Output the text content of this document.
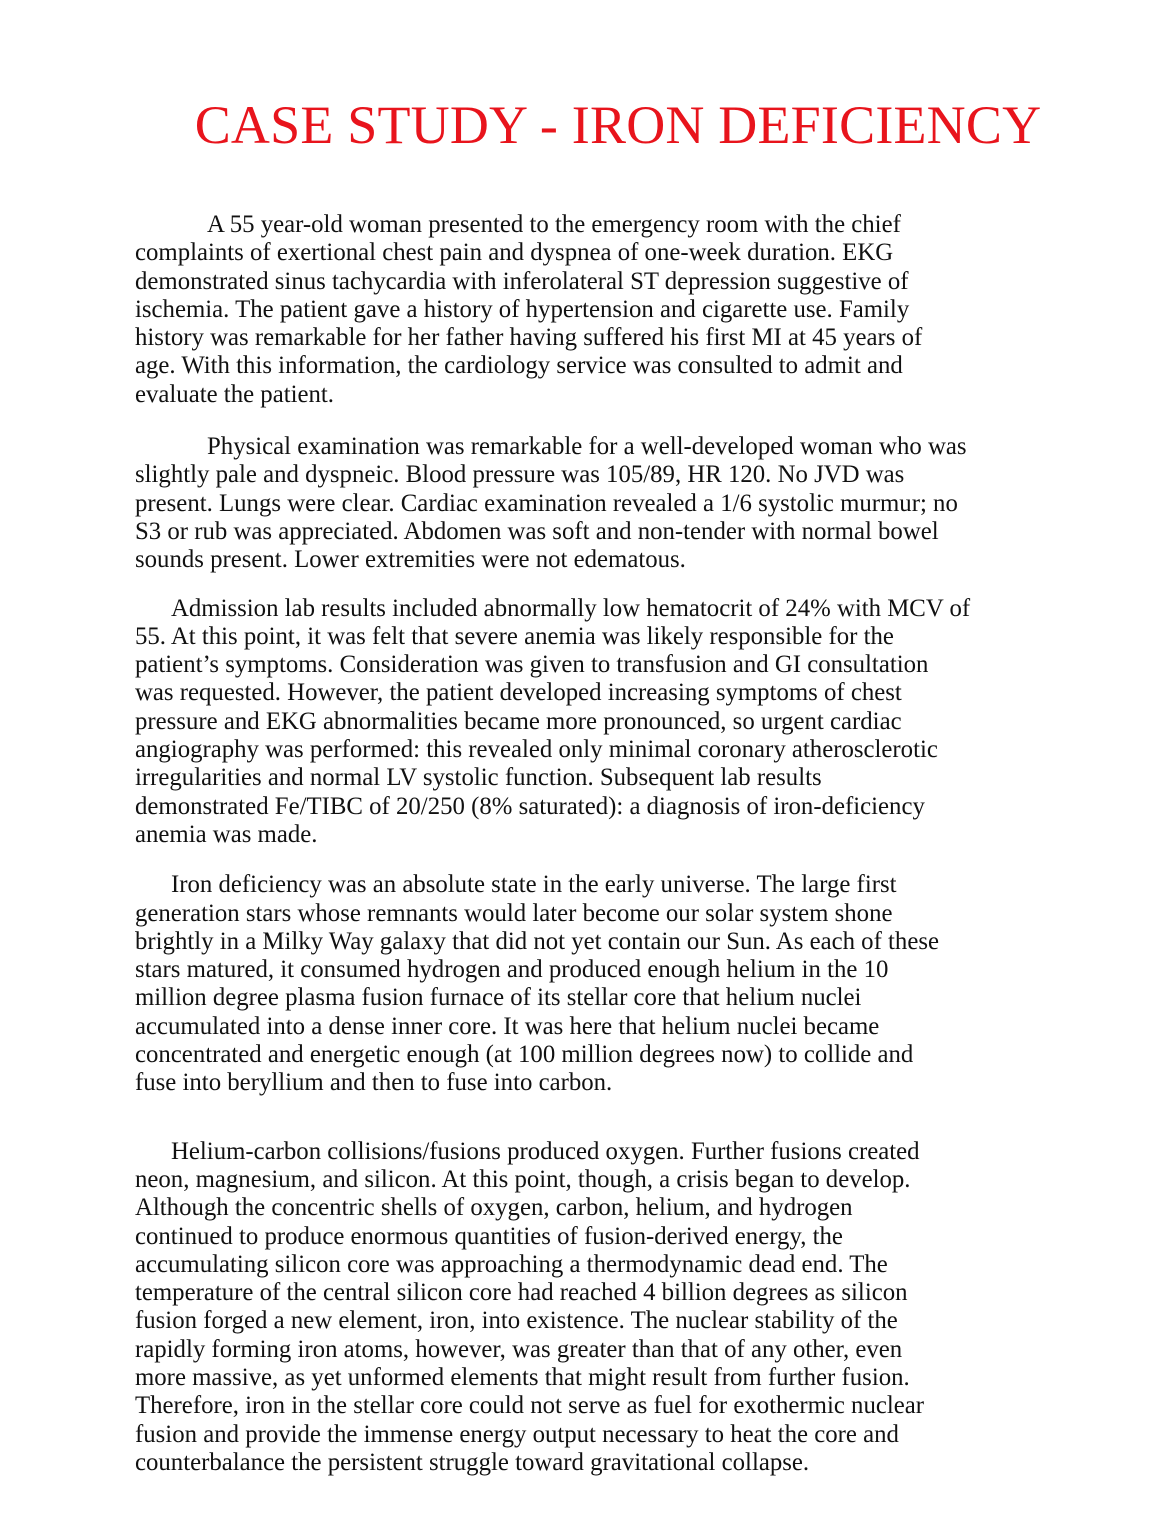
CASE STUDY - IRON DEFICIENCY

A 55 year-old woman presented to the emergency room with the chief
complaints of exertional chest pain and dyspnea of one-week duration. EKG
demonstrated sinus tachycardia with inferolateral ST depression suggestive of
ischemia. The patient gave a history of hypertension and cigarette use. Family
history was remarkable for her father having suffered his first MI at 45 years of
age. With this information, the cardiology service was consulted to admit and
evaluate the patient.

Physical examination was remarkable for a well-developed woman who was
slightly pale and dyspneic. Blood pressure was 105/89, HR 120. No JVD was
present. Lungs were clear. Cardiac examination revealed a 1/6 systolic murmur; no
S3 or rub was appreciated. Abdomen was soft and non-tender with normal bowel
sounds present. Lower extremities were not edematous.

Admission lab results included abnormally low hematocrit of 24% with MCV of
55. At this point, it was felt that severe anemia was likely responsible for the
patient’s symptoms. Consideration was given to transfusion and GI consultation
was requested. However, the patient developed increasing symptoms of chest
pressure and EKG abnormalities became more pronounced, so urgent cardiac
angiography was performed: this revealed only minimal coronary atherosclerotic
irregularities and normal LV systolic function. Subsequent lab results
demonstrated Fe/TIBC of 20/250 (8% saturated): a diagnosis of iron-deficiency
anemia was made.

Iron deficiency was an absolute state in the early universe. The large first
generation stars whose remnants would later become our solar system shone
brightly in a Milky Way galaxy that did not yet contain our Sun. As each of these
stars matured, it consumed hydrogen and produced enough helium in the 10
million degree plasma fusion furnace of its stellar core that helium nuclei
accumulated into a dense inner core. It was here that helium nuclei became
concentrated and energetic enough (at 100 million degrees now) to collide and
fuse into beryllium and then to fuse into carbon.

Helium-carbon collisions/fusions produced oxygen. Further fusions created
neon, magnesium, and silicon. At this point, though, a crisis began to develop.
Although the concentric shells of oxygen, carbon, helium, and hydrogen
continued to produce enormous quantities of fusion-derived energy, the
accumulating silicon core was approaching a thermodynamic dead end. The
temperature of the central silicon core had reached 4 billion degrees as silicon
fusion forged a new element, iron, into existence. The nuclear stability of the
rapidly forming iron atoms, however, was greater than that of any other, even
more massive, as yet unformed elements that might result from further fusion.
Therefore, iron in the stellar core could not serve as fuel for exothermic nuclear
fusion and provide the immense energy output necessary to heat the core and
counterbalance the persistent struggle toward gravitational collapse.
